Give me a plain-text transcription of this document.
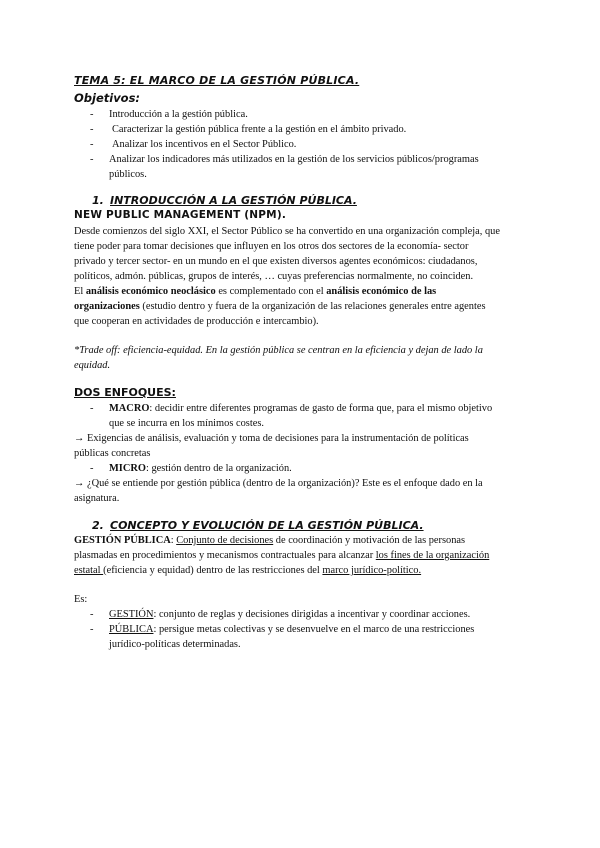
TEMA 5: EL MARCO DE LA GESTIÓN PÚBLICA.
Objetivos:
- Introducción a la gestión pública.
- Caracterizar la gestión pública frente a la gestión en el ámbito privado.
- Analizar los incentivos en el Sector Público.
- Analizar los indicadores más utilizados en la gestión de los servicios públicos/programas
públicos.
1. INTRODUCCIÓN A LA GESTIÓN PÚBLICA.
NEW PUBLIC MANAGEMENT (NPM).
Desde comienzos del siglo XXI, el Sector Público se ha convertido en una organización compleja, que
tiene poder para tomar decisiones que influyen en los otros dos sectores de la economía- sector
privado y tercer sector- en un mundo en el que existen diversos agentes económicos: ciudadanos,
políticos, admón. públicas, grupos de interés, … cuyas preferencias normalmente, no coinciden.
El análisis económico neoclásico es complementado con el análisis económico de las
organizaciones (estudio dentro y fuera de la organización de las relaciones generales entre agentes
que cooperan en actividades de producción e intercambio).
*Trade off: eficiencia-equidad. En la gestión pública se centran en la eficiencia y dejan de lado la
equidad.
DOS ENFOQUES:
- MACRO: decidir entre diferentes programas de gasto de forma que, para el mismo objetivo
que se incurra en los mínimos costes.
→ Exigencias de análisis, evaluación y toma de decisiones para la instrumentación de políticas
públicas concretas
- MICRO: gestión dentro de la organización.
→ ¿Qué se entiende por gestión pública (dentro de la organización)? Este es el enfoque dado en la
asignatura.
2. CONCEPTO Y EVOLUCIÓN DE LA GESTIÓN PÚBLICA.
GESTIÓN PÚBLICA: Conjunto de decisiones de coordinación y motivación de las personas
plasmadas en procedimientos y mecanismos contractuales para alcanzar los fines de la organización
estatal (eficiencia y equidad) dentro de las restricciones del marco jurídico-político.
Es:
- GESTIÓN: conjunto de reglas y decisiones dirigidas a incentivar y coordinar acciones.
- PÚBLICA: persigue metas colectivas y se desenvuelve en el marco de una restricciones
jurídico-políticas determinadas.
